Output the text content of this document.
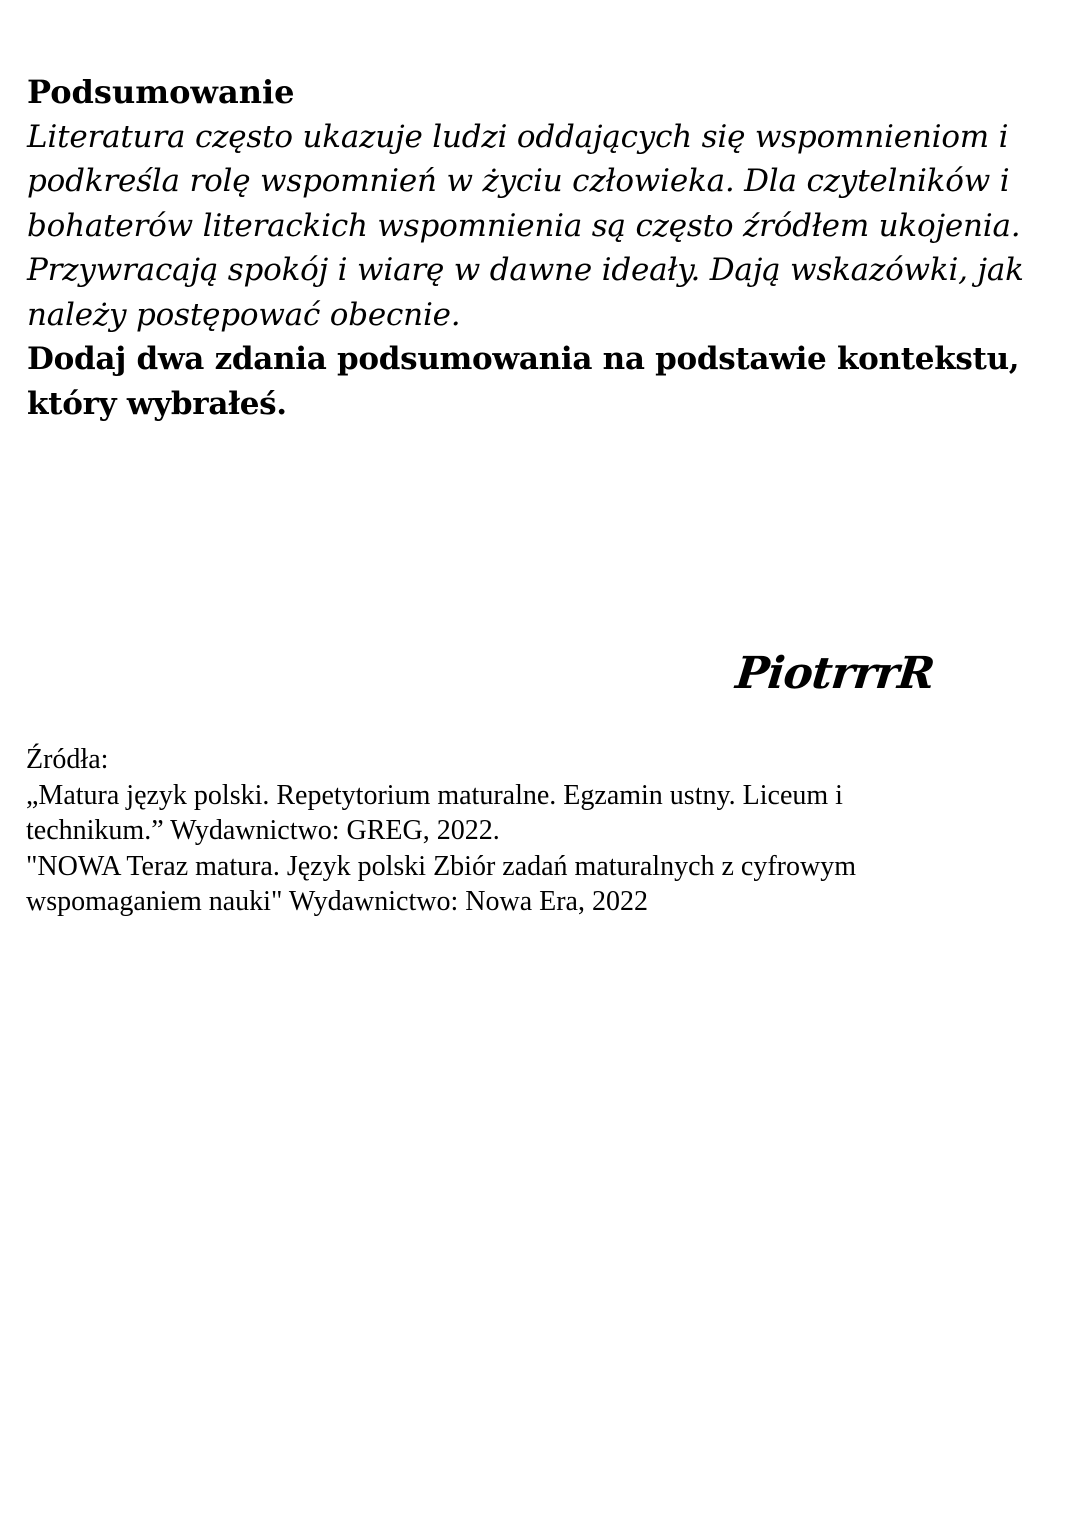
Podsumowanie

Literatura często ukazuje ludzi oddających się wspomnieniom i
podkreśla rolę wspomnień w życiu człowieka. Dla czytelników i
bohaterów literackich wspomnienia są często źródłem ukojenia.
Przywracają spokój i wiarę w dawne ideały. Dają wskazówki, jak
należy postępować obecnie.

Dodaj dwa zdania podsumowania na podstawie kontekstu,
który wybrałeś.

PiotrrrR

Źródła:

„Matura język polski. Repetytorium maturalne. Egzamin ustny. Liceum i
technikum.” Wydawnictwo: GREG, 2022.

"NOWA Teraz matura. Język polski Zbiór zadań maturalnych z cyfrowym
wspomaganiem nauki" Wydawnictwo: Nowa Era, 2022
